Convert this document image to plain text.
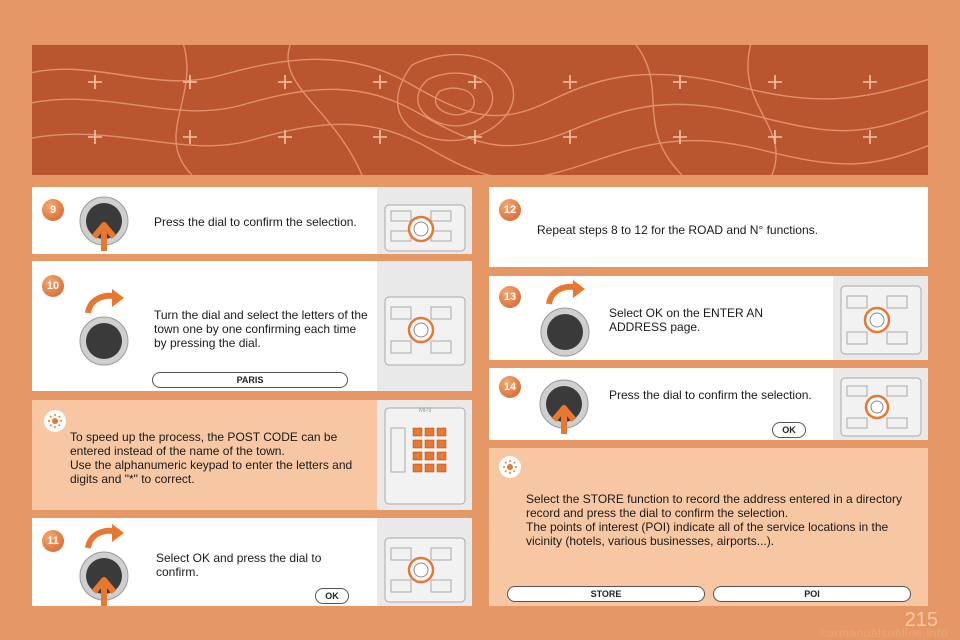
9
Press the dial to confirm the selection.
10
Turn the dial and select the letters of the town one by one confirming each time by pressing the dial.
PARIS
To speed up the process, the POST CODE can be entered instead of the name of the town.
Use the alphanumeric keypad to enter the letters and digits and "*" to correct.
MP3
11
Select OK and press the dial to confirm.
OK
12
Repeat steps 8 to 12 for the ROAD and N° functions.
13
Select OK on the ENTER AN ADDRESS page.
14
Press the dial to confirm the selection.
OK
Select the STORE function to record the address entered in a directory record and press the dial to confirm the selection.
The points of interest (POI) indicate all of the service locations in the vicinity (hotels, various businesses, airports...).
STORE	POI
215
carmanualsonline.info
